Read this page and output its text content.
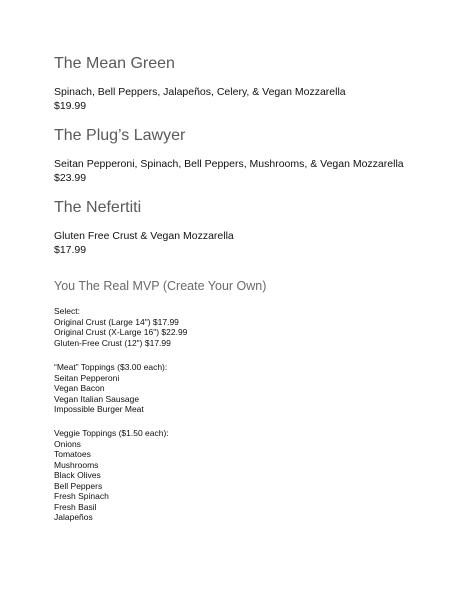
The Mean Green

Spinach, Bell Peppers, Jalapeños, Celery, & Vegan Mozzarella

$19.99

The Plug’s Lawyer

Seitan Pepperoni, Spinach, Bell Peppers, Mushrooms, & Vegan Mozzarella

$23.99

The Nefertiti

Gluten Free Crust & Vegan Mozzarella

$17.99

You The Real MVP (Create Your Own)
Select:
Original Crust (Large 14") $17.99
Original Crust (X-Large 16") $22.99
Gluten-Free Crust (12") $17.99
“Meat” Toppings ($3.00 each):
Seitan Pepperoni
Vegan Bacon
Vegan Italian Sausage
Impossible Burger Meat
Veggie Toppings ($1.50 each):
Onions
Tomatoes
Mushrooms
Black Olives
Bell Peppers
Fresh Spinach
Fresh Basil
Jalapeños
